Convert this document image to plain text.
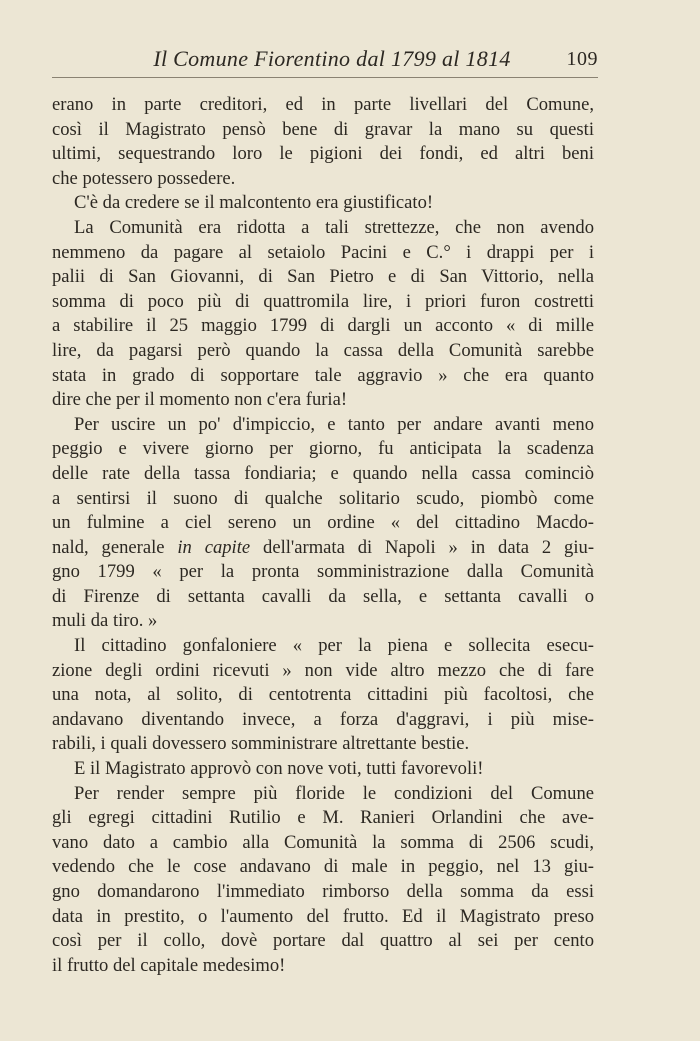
Il Comune Fiorentino dal 1799 al 1814	109
erano in parte creditori, ed in parte livellari del Comune,
così il Magistrato pensò bene di gravar la mano su questi
ultimi, sequestrando loro le pigioni dei fondi, ed altri beni
che potessero possedere.
C'è da credere se il malcontento era giustificato!
La Comunità era ridotta a tali strettezze, che non avendo
nemmeno da pagare al setaiolo Pacini e C.° i drappi per i
palii di San Giovanni, di San Pietro e di San Vittorio, nella
somma di poco più di quattromila lire, i priori furon costretti
a stabilire il 25 maggio 1799 di dargli un acconto « di mille
lire, da pagarsi però quando la cassa della Comunità sarebbe
stata in grado di sopportare tale aggravio » che era quanto
dire che per il momento non c'era furia!
Per uscire un po' d'impiccio, e tanto per andare avanti meno
peggio e vivere giorno per giorno, fu anticipata la scadenza
delle rate della tassa fondiaria; e quando nella cassa cominciò
a sentirsi il suono di qualche solitario scudo, piombò come
un fulmine a ciel sereno un ordine « del cittadino Macdo-
nald, generale in capite dell'armata di Napoli » in data 2 giu-
gno 1799 « per la pronta somministrazione dalla Comunità
di Firenze di settanta cavalli da sella, e settanta cavalli o
muli da tiro. »
Il cittadino gonfaloniere « per la piena e sollecita esecu-
zione degli ordini ricevuti » non vide altro mezzo che di fare
una nota, al solito, di centotrenta cittadini più facoltosi, che
andavano diventando invece, a forza d'aggravi, i più mise-
rabili, i quali dovessero somministrare altrettante bestie.
E il Magistrato approvò con nove voti, tutti favorevoli!
Per render sempre più floride le condizioni del Comune
gli egregi cittadini Rutilio e M. Ranieri Orlandini che ave-
vano dato a cambio alla Comunità la somma di 2506 scudi,
vedendo che le cose andavano di male in peggio, nel 13 giu-
gno domandarono l'immediato rimborso della somma da essi
data in prestito, o l'aumento del frutto. Ed il Magistrato preso
così per il collo, dovè portare dal quattro al sei per cento
il frutto del capitale medesimo!
